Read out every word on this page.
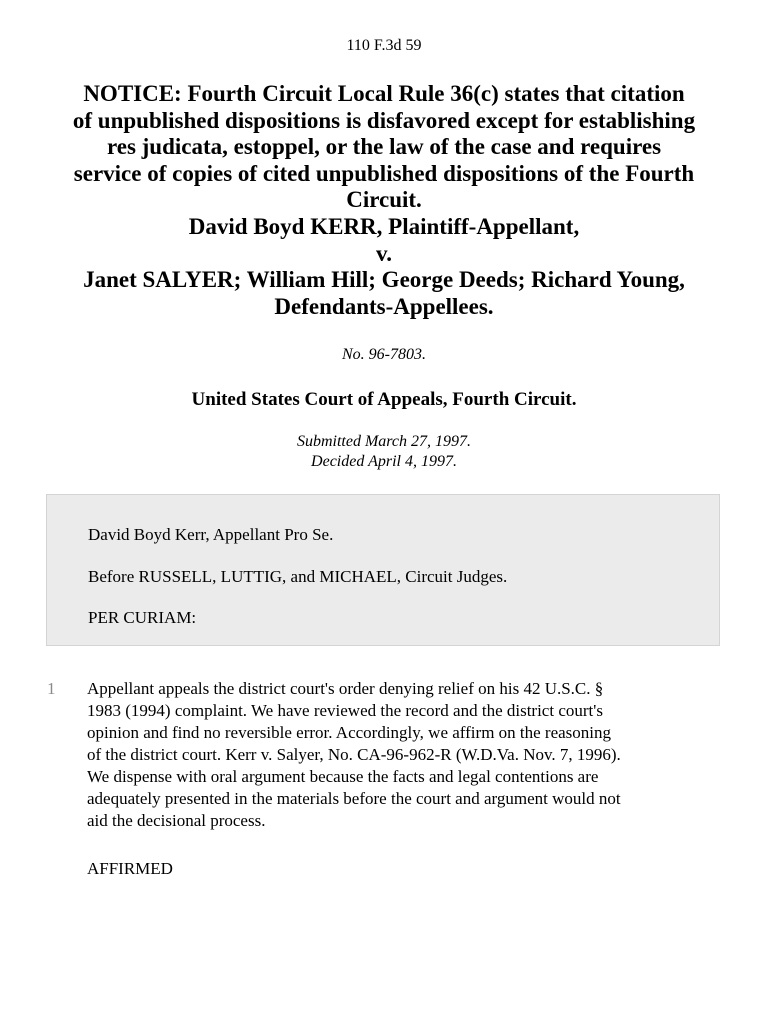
110 F.3d 59
NOTICE: Fourth Circuit Local Rule 36(c) states that citation
of unpublished dispositions is disfavored except for establishing
res judicata, estoppel, or the law of the case and requires
service of copies of cited unpublished dispositions of the Fourth
Circuit.
David Boyd KERR, Plaintiff-Appellant,
v.
Janet SALYER; William Hill; George Deeds; Richard Young,
Defendants-Appellees.
No. 96-7803.
United States Court of Appeals, Fourth Circuit.
Submitted March 27, 1997.
Decided April 4, 1997.

David Boyd Kerr, Appellant Pro Se.

Before RUSSELL, LUTTIG, and MICHAEL, Circuit Judges.

PER CURIAM:

1 Appellant appeals the district court's order denying relief on his 42 U.S.C. §
1983 (1994) complaint. We have reviewed the record and the district court's
opinion and find no reversible error. Accordingly, we affirm on the reasoning
of the district court. Kerr v. Salyer, No. CA-96-962-R (W.D.Va. Nov. 7, 1996).
We dispense with oral argument because the facts and legal contentions are
adequately presented in the materials before the court and argument would not
aid the decisional process.
AFFIRMED
